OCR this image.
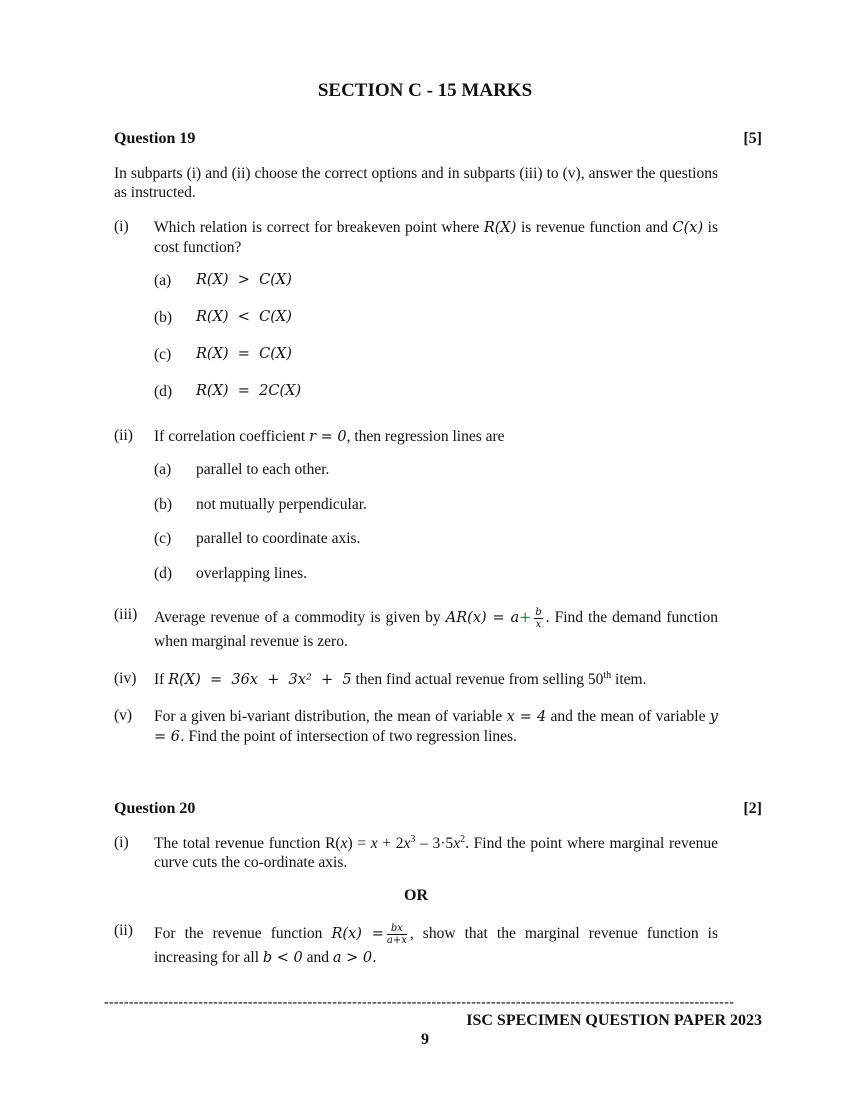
SECTION C - 15 MARKS
Question 19	[5]
In subparts (i) and (ii) choose the correct options and in subparts (iii) to (v), answer the questions as instructed.
(i)	Which relation is correct for breakeven point where R(X) is revenue function and C(x) is cost function?
(a) R(X)  >  C(X)
(b) R(X)  <  C(X)
(c) R(X)  =  C(X)
(d) R(X)  =  2C(X)
(ii)	If correlation coefficient r = 0, then regression lines are
(a) parallel to each other.
(b) not mutually perpendicular.
(c) parallel to coordinate axis.
(d) overlapping lines.
(iii)	Average revenue of a commodity is given by $AR(x) = a+ \frac{b}{x}$ . Find the demand function when marginal revenue is zero.
(iv)	If R(X)  =  36x  +  3x²  +  5 then find actual revenue from selling 50th item.
(v)	For a given bi-variant distribution, the mean of variable x = 4 and the mean of variable y = 6. Find the point of intersection of two regression lines.
Question 20	[2]
(i)	The total revenue function $R(x) = x + 2x^3 - 3\cdot 5x^2$. Find the point where marginal revenue curve cuts the co-ordinate axis.
OR
(ii)	For the revenue function $R(x) = \frac{bx}{a+x}$ , show that the marginal revenue function is increasing for all b < 0 and a > 0.
-------------------------------------------------------------------------------------------------------------------------------
ISC SPECIMEN QUESTION PAPER 2023
9
